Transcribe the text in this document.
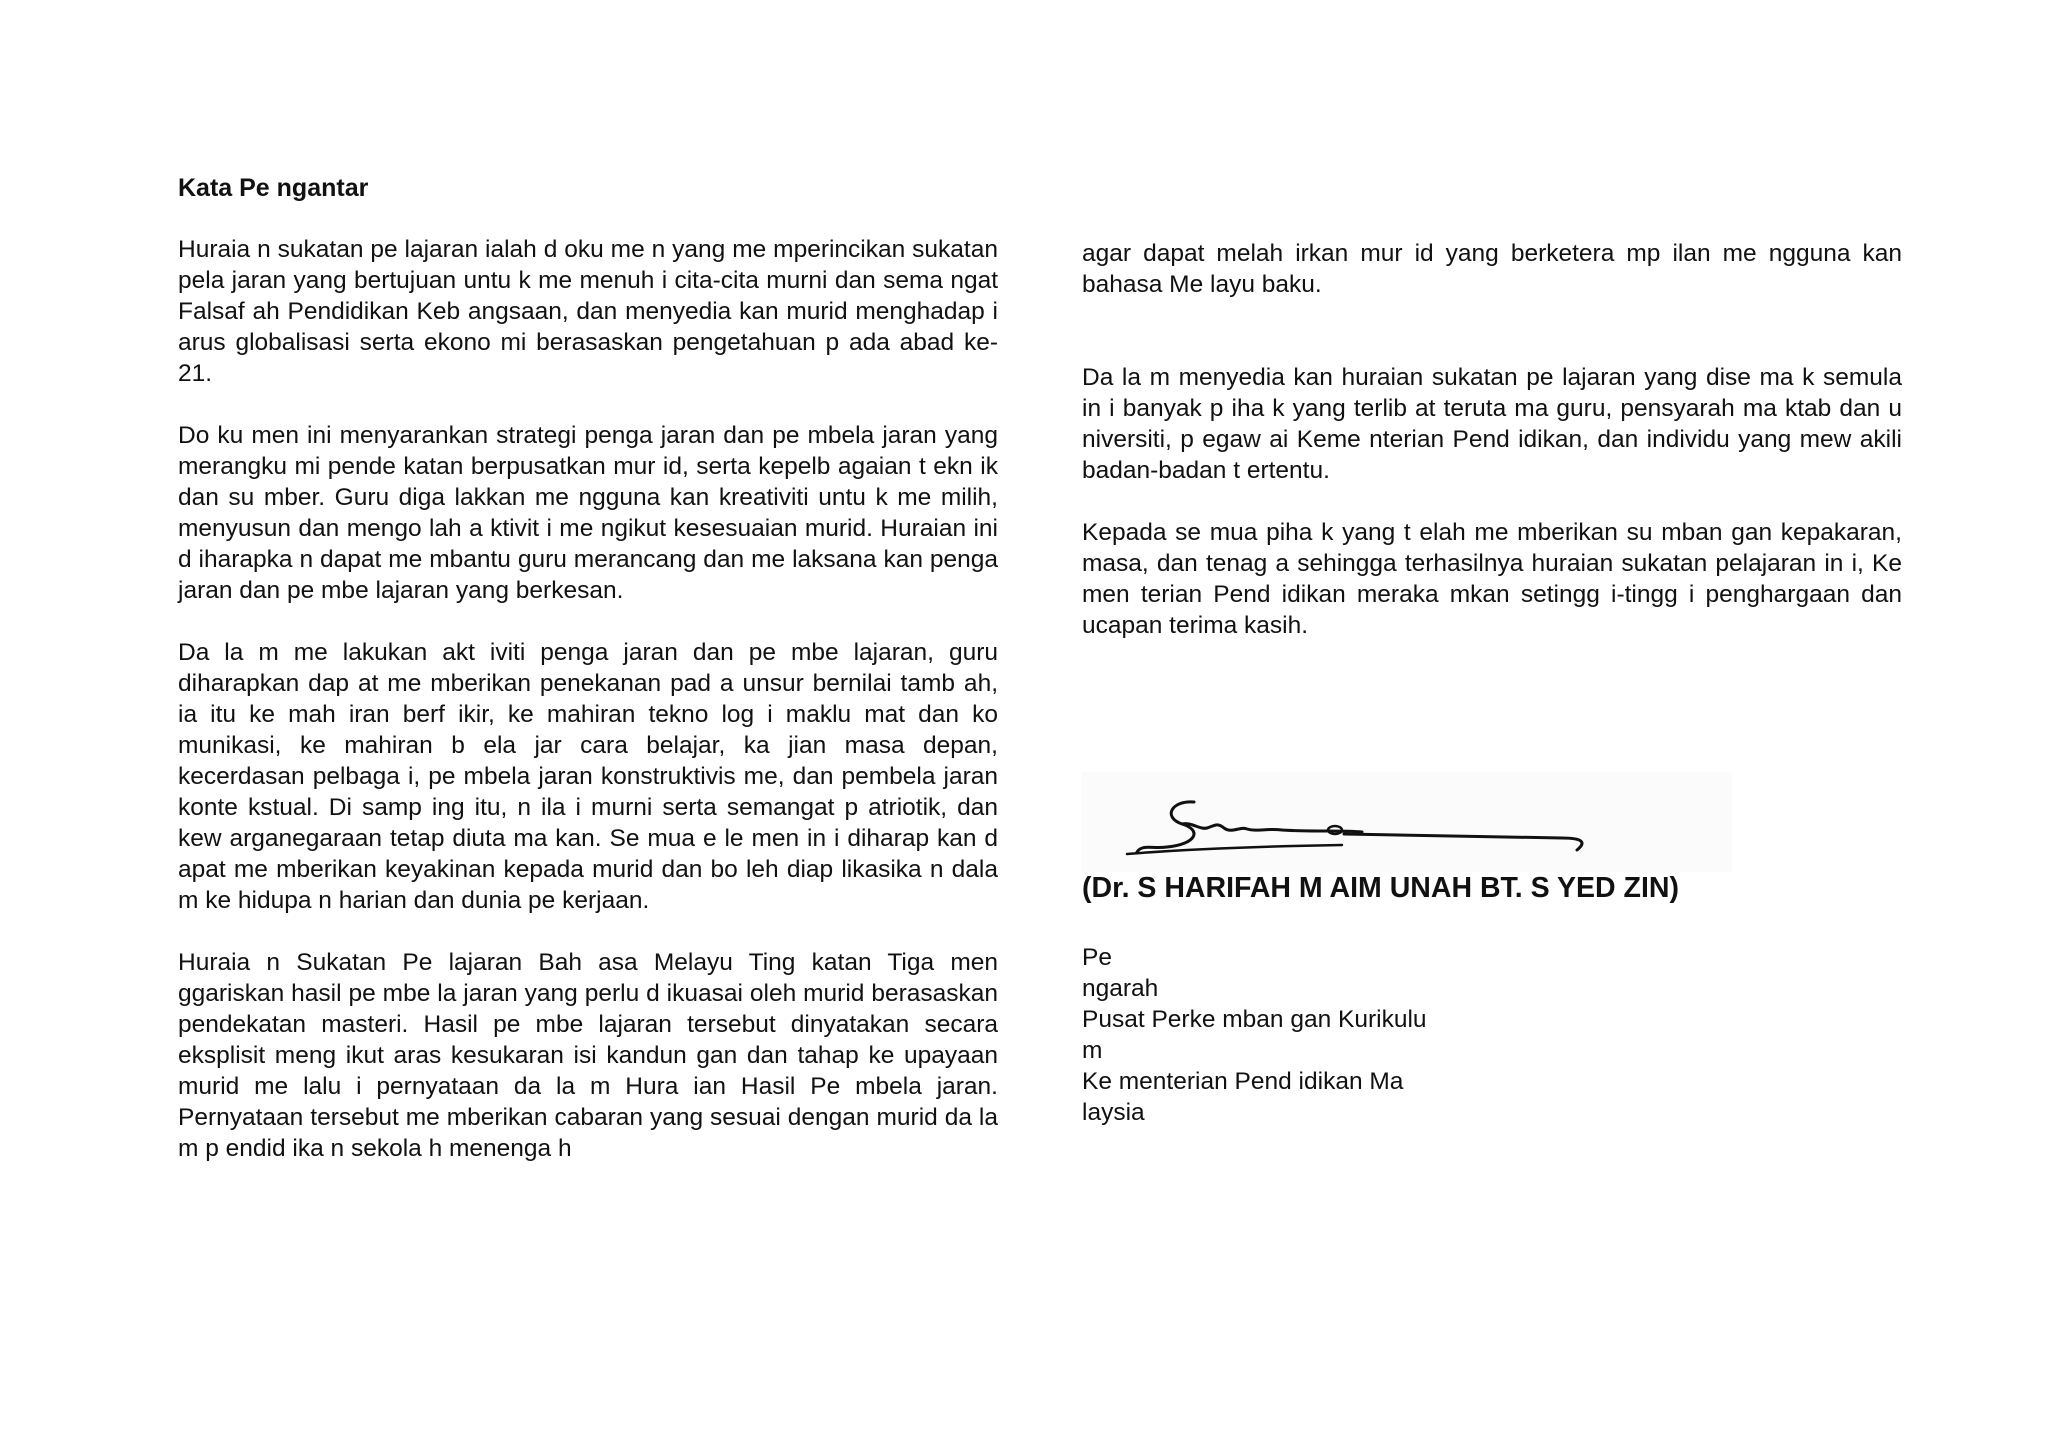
Kata Pe ngantar

Huraia n sukatan pe lajaran ialah d oku me n yang me mperincikan sukatan pela jaran yang bertujuan untu k me menuh i cita-cita murni dan sema ngat Falsaf ah Pendidikan Keb angsaan, dan menyedia kan murid menghadap i arus globalisasi serta ekono mi berasaskan pengetahuan p ada abad ke-21.

Do ku men ini menyarankan strategi penga jaran dan pe mbela jaran yang merangku mi pende katan berpusatkan mur id, serta kepelb agaian t ekn ik dan su mber. Guru diga lakkan me ngguna kan kreativiti untu k me milih, menyusun dan mengo lah a ktivit i me ngikut kesesuaian murid. Huraian ini d iharapka n dapat me mbantu guru merancang dan me laksana kan penga jaran dan pe mbe lajaran yang berkesan.

Da la m me lakukan akt iviti penga jaran dan pe mbe lajaran, guru diharapkan dap at me mberikan penekanan pad a unsur bernilai tamb ah, ia itu ke mah iran berf ikir, ke mahiran tekno log i maklu mat dan ko munikasi, ke mahiran b ela jar cara belajar, ka jian masa depan, kecerdasan pelbaga i, pe mbela jaran konstruktivis me, dan pembela jaran konte kstual. Di samp ing itu, n ila i murni serta semangat p atriotik, dan kew arganegaraan tetap diuta ma kan. Se mua e le men in i diharap kan d apat me mberikan keyakinan kepada murid dan bo leh diap likasika n dala m ke hidupa n harian dan dunia pe kerjaan.

Huraia n Sukatan Pe lajaran Bah asa Melayu Ting katan Tiga men ggariskan hasil pe mbe la jaran yang perlu d ikuasai oleh murid berasaskan pendekatan masteri. Hasil pe mbe lajaran tersebut dinyatakan secara eksplisit meng ikut aras kesukaran isi kandun gan dan tahap ke upayaan murid me lalu i pernyataan da la m Hura ian Hasil Pe mbela jaran. Pernyataan tersebut me mberikan cabaran yang sesuai dengan murid da la m p endid ika n sekola h menenga h

agar dapat melah irkan mur id yang berketera mp ilan me ngguna kan bahasa Me layu baku.

Da la m menyedia kan huraian sukatan pe lajaran yang dise ma k semula in i banyak p iha k yang terlib at teruta ma guru, pensyarah ma ktab dan u niversiti, p egaw ai Keme nterian Pend idikan, dan individu yang mew akili badan-badan t ertentu.

Kepada se mua piha k yang t elah me mberikan su mban gan kepakaran, masa, dan tenag a sehingga terhasilnya huraian sukatan pelajaran in i, Ke men terian Pend idikan meraka mkan setingg i-tingg i penghargaan dan ucapan terima kasih.

(Dr. S HARIFAH M AIM UNAH BT. S YED ZIN)
Pe
ngarah
Pusat Perke mban gan Kurikulu
m
Ke menterian Pend idikan Ma
laysia
